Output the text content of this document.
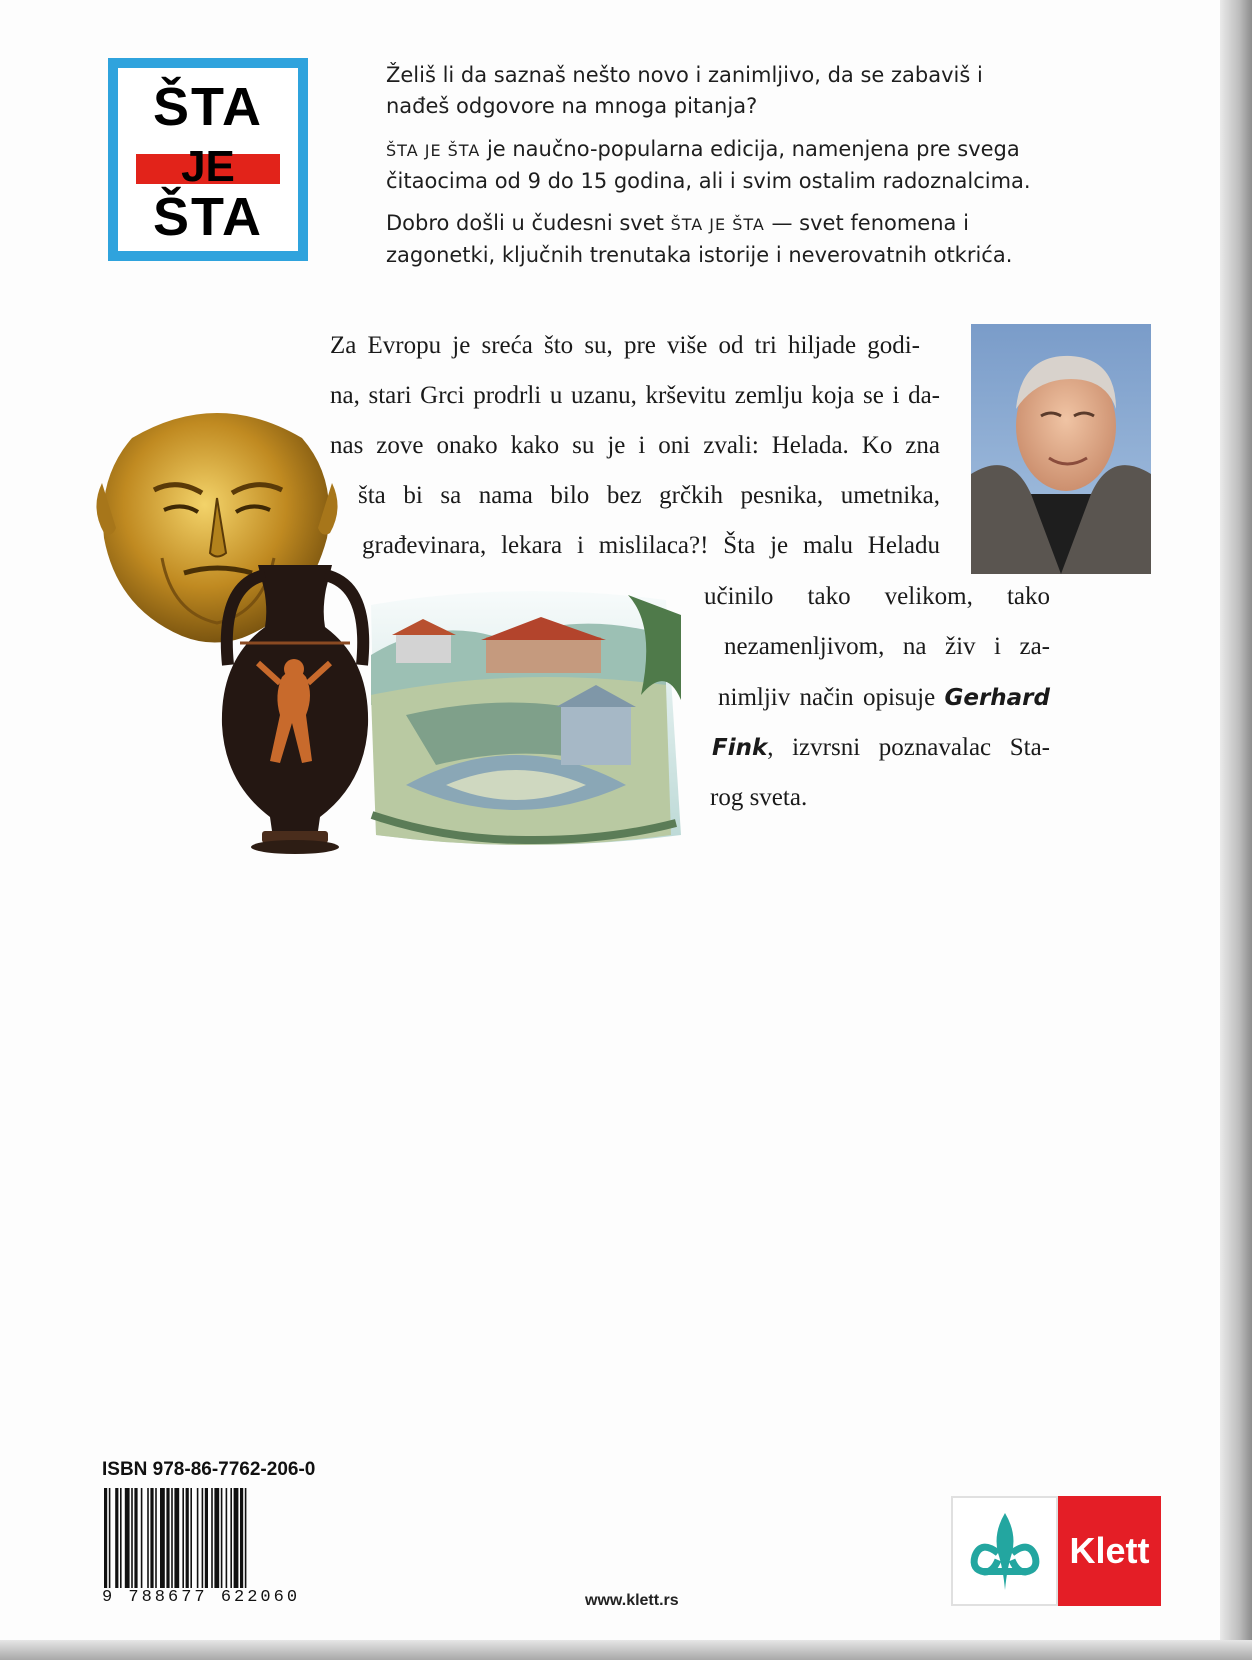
ŠTA
JE
ŠTA

Želiš li da saznaš nešto novo i zanimljivo, da se zabaviš i nađeš odgovore na mnoga pitanja?

ŠTA JE ŠTA je naučno-popularna edicija, namenjena pre svega čitaocima od 9 do 15 godina, ali i svim ostalim radoznalcima.

Dobro došli u čudesni svet ŠTA JE ŠTA — svet fenomena i zagonetki, ključnih trenutaka istorije i neverovatnih otkrića.

Za Evropu je sreća što su, pre više od tri hiljade godi-
na, stari Grci prodrli u uzanu, krševitu zemlju koja se i da-
nas zove onako kako su je i oni zvali: Helada. Ko zna
šta bi sa nama bilo bez grčkih pesnika, umetnika,
građevinara, lekara i mislilaca?! Šta je malu Heladu
učinilo tako velikom, tako
nezamenljivom, na živ i za-
nimljiv način opisuje Gerhard
Fink, izvrsni poznavalac Sta-
rog sveta.
ISBN 978-86-7762-206-0
9 788677 622060	www.klett.rs
Klett
